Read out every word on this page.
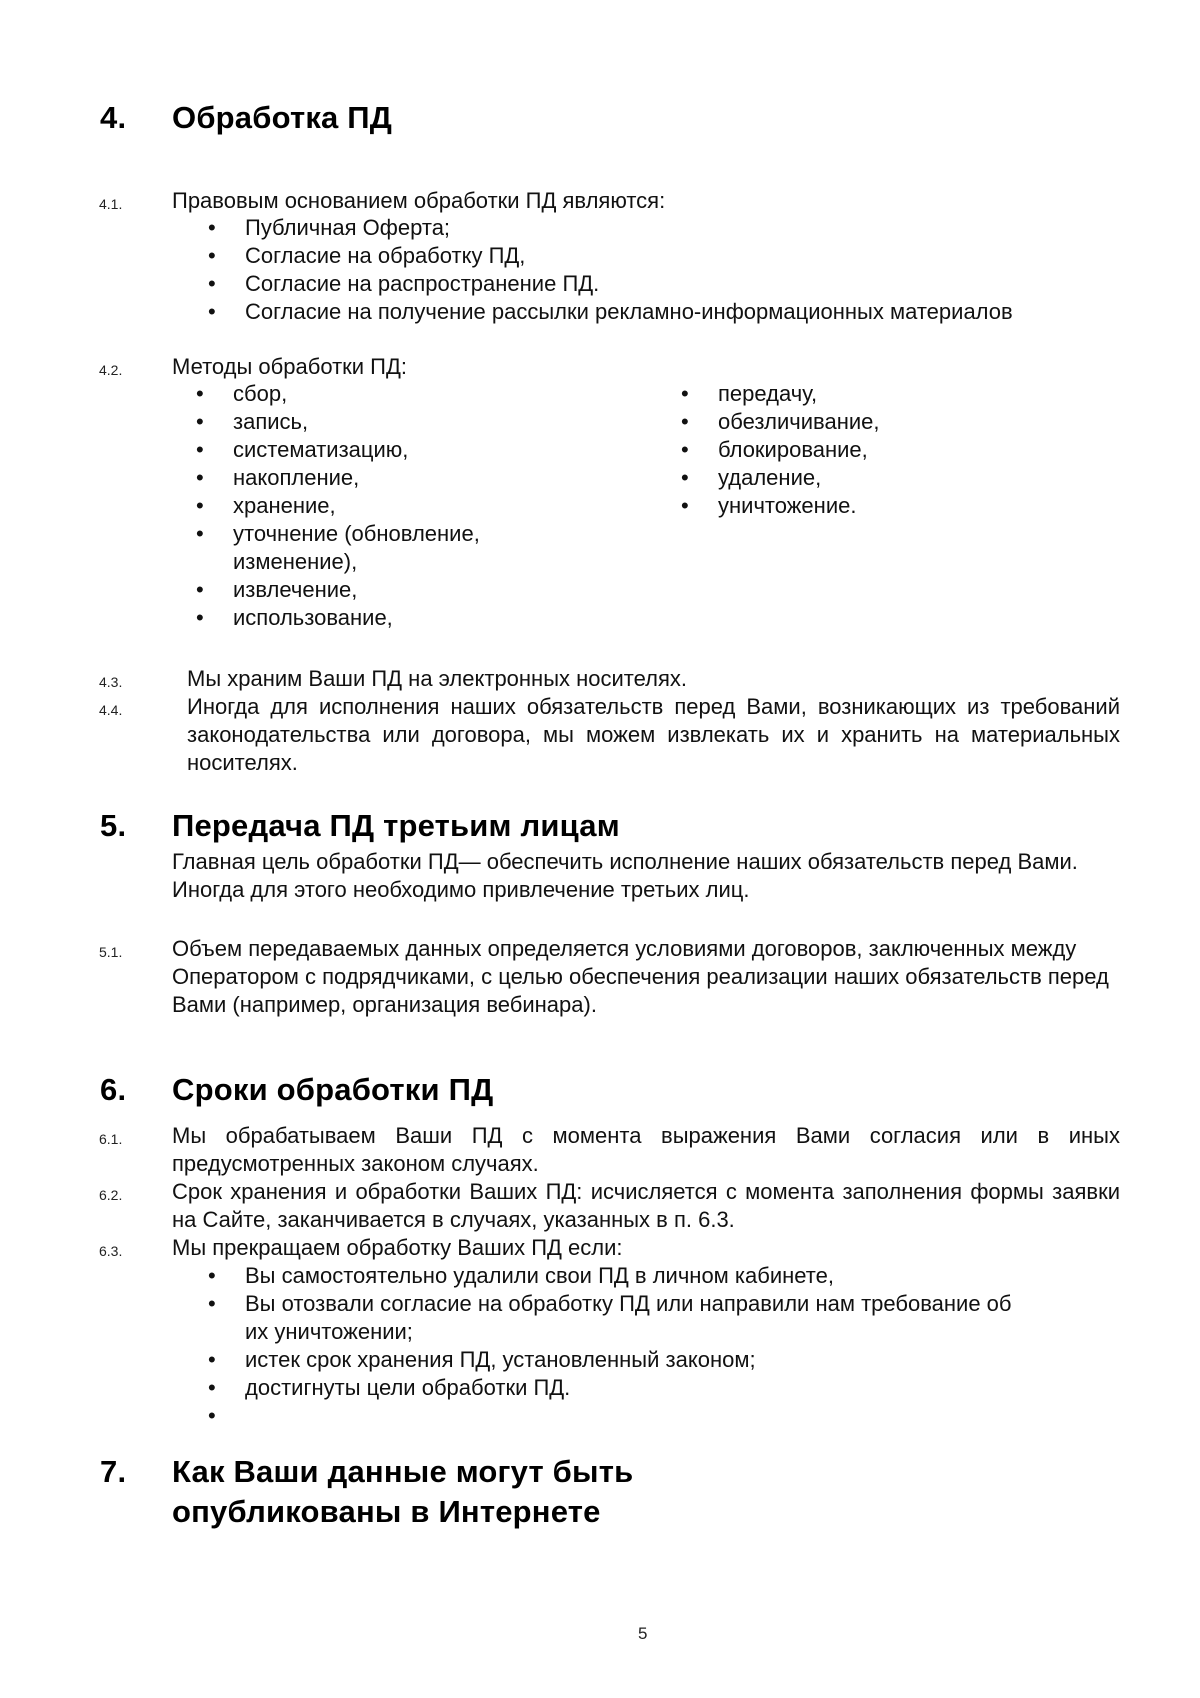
4. Обработка ПД
4.1. Правовым основанием обработки ПД являются:
• Публичная Оферта;
• Согласие на обработку ПД,
• Согласие на распространение ПД.
• Согласие на получение рассылки рекламно-информационных материалов
4.2. Методы обработки ПД:
• сбор,
• запись,
• систематизацию,
• накопление,
• хранение,
• уточнение (обновление,
изменение),
• извлечение,
• использование,
• передачу,
• обезличивание,
• блокирование,
• удаление,
• уничтожение.
4.3.	Мы храним Ваши ПД на электронных носителях.
4.4.	Иногда для исполнения наших обязательств перед Вами, возникающих из требований законодательства или договора, мы можем извлекать их и хранить на материальных носителях.
5. Передача ПД третьим лицам
Главная цель обработки ПД— обеспечить исполнение наших обязательств перед Вами. Иногда для этого необходимо привлечение третьих лиц.
5.1. Объем передаваемых данных определяется условиями договоров, заключенных между Оператором с подрядчиками, с целью обеспечения реализации наших обязательств перед Вами (например, организация вебинара).
6. Сроки обработки ПД
6.1. Мы обрабатываем Ваши ПД с момента выражения Вами согласия или в иных предусмотренных законом случаях.
6.2. Срок хранения и обработки Ваших ПД: исчисляется с момента заполнения формы заявки на Сайте, заканчивается в случаях, указанных в п. 6.3.
6.3. Мы прекращаем обработку Ваших ПД если:
• Вы самостоятельно удалили свои ПД в личном кабинете,
• Вы отозвали согласие на обработку ПД или направили нам требование об
их уничтожении;
• истек срок хранения ПД, установленный законом;
• достигнуты цели обработки ПД.
•
7. Как Ваши данные могут быть
опубликованы в Интернете
5
